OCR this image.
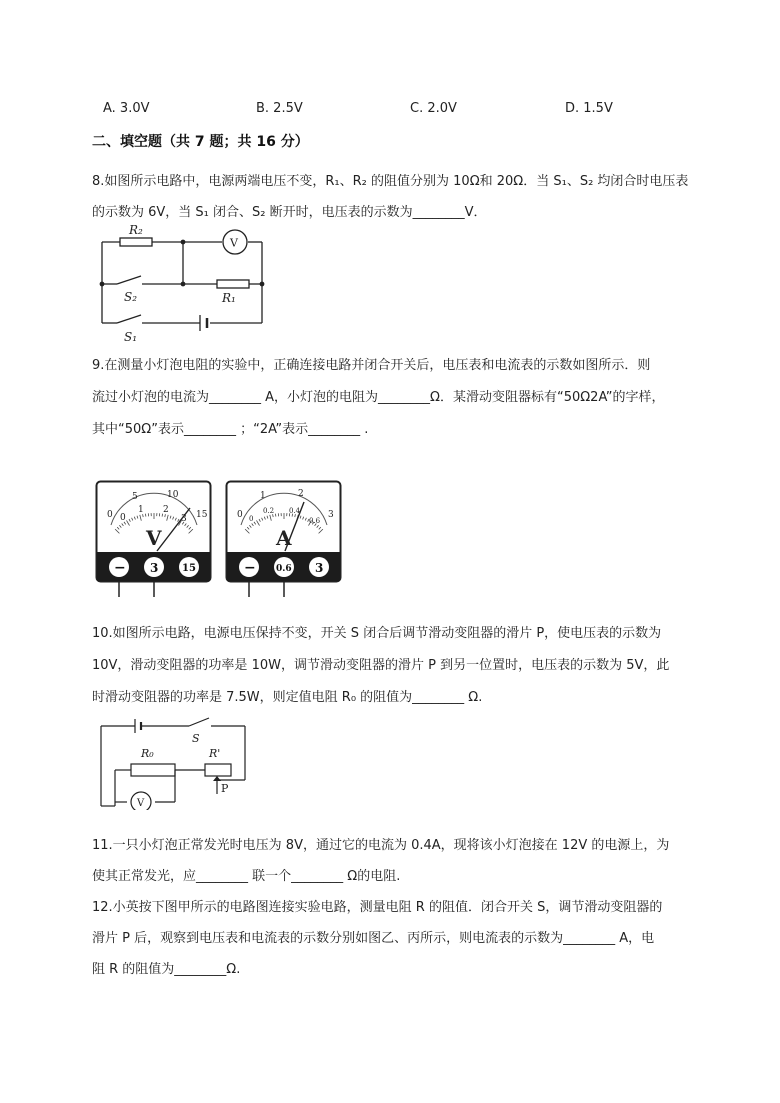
A. 3.0V	B. 2.5V	C. 2.0V	D. 1.5V
二、填空题（共 7 题；共 16 分）
8.如图所示电路中，电源两端电压不变，R₁、R₂ 的阻值分别为 10Ω和 20Ω．当 S₁、S₂ 均闭合时电压表
的示数为 6V，当 S₁ 闭合、S₂ 断开时，电压表的示数为________V．
R₂
V
S₂	R₁
S₁
9.在测量小灯泡电阻的实验中，正确连接电路并闭合开关后，电压表和电流表的示数如图所示．则
流过小灯泡的电流为________ A，小灯泡的电阻为________Ω．某滑动变阻器标有“50Ω2A”的字样，
其中“50Ω”表示________ ；“2A”表示________ .
0
5	10
15
0
1 2
3
V
− 3 15
0
1	2
3
0
0.2 0.4
0.6
A
− 0.6 3
10.如图所示电路，电源电压保持不变，开关 S 闭合后调节滑动变阻器的滑片 P，使电压表的示数为
10V，滑动变阻器的功率是 10W，调节滑动变阻器的滑片 P 到另一位置时，电压表的示数为 5V，此
时滑动变阻器的功率是 7.5W，则定值电阻 R₀ 的阻值为________ Ω.
S
R₀	R'
P
V
11.一只小灯泡正常发光时电压为 8V，通过它的电流为 0.4A，现将该小灯泡接在 12V 的电源上，为
使其正常发光，应________ 联一个________ Ω的电阻.
12.小英按下图甲所示的电路图连接实验电路，测量电阻 R 的阻值．闭合开关 S，调节滑动变阻器的
滑片 P 后，观察到电压表和电流表的示数分别如图乙、丙所示，则电流表的示数为________ A，电
阻 R 的阻值为________Ω.
